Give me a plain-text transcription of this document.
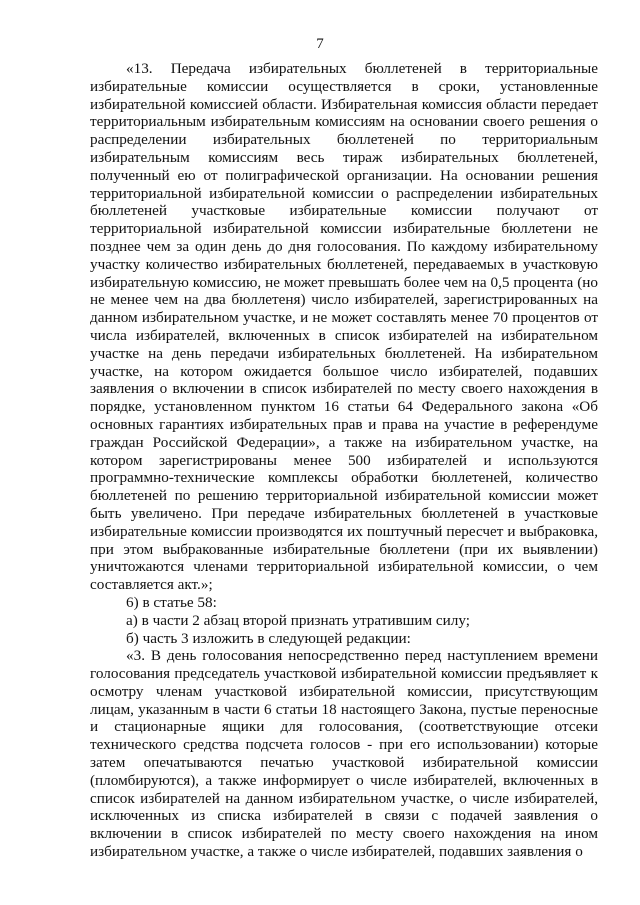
7

«13. Передача избирательных бюллетеней в территориальные избирательные комиссии осуществляется в сроки, установленные избирательной комиссией области. Избирательная комиссия области передает территориальным избирательным комиссиям на основании своего решения о распределении избирательных бюллетеней по территориальным избирательным комиссиям весь тираж избирательных бюллетеней, полученный ею от полиграфической организации. На основании решения территориальной избирательной комиссии о распределении избирательных бюллетеней участковые избирательные комиссии получают от территориальной избирательной комиссии избирательные бюллетени не позднее чем за один день до дня голосования. По каждому избирательному участку количество избирательных бюллетеней, передаваемых в участковую избирательную комиссию, не может превышать более чем на 0,5 процента (но не менее чем на два бюллетеня) число избирателей, зарегистрированных на данном избирательном участке, и не может составлять менее 70 процентов от числа избирателей, включенных в список избирателей на избирательном участке на день передачи избирательных бюллетеней. На избирательном участке, на котором ожидается большое число избирателей, подавших заявления о включении в список избирателей по месту своего нахождения в порядке, установленном пунктом 16 статьи 64 Федерального закона «Об основных гарантиях избирательных прав и права на участие в референдуме граждан Российской Федерации», а также на избирательном участке, на котором зарегистрированы менее 500 избирателей и используются программно-технические комплексы обработки бюллетеней, количество бюллетеней по решению территориальной избирательной комиссии может быть увеличено. При передаче избирательных бюллетеней в участковые избирательные комиссии производятся их поштучный пересчет и выбраковка, при этом выбракованные избирательные бюллетени (при их выявлении) уничтожаются членами территориальной избирательной комиссии, о чем составляется акт.»;

6) в статье 58:

а) в части 2 абзац второй признать утратившим силу;

б) часть 3 изложить в следующей редакции:

«3. В день голосования непосредственно перед наступлением времени голосования председатель участковой избирательной комиссии предъявляет к осмотру членам участковой избирательной комиссии, присутствующим лицам, указанным в части 6 статьи 18 настоящего Закона, пустые переносные и стационарные ящики для голосования, (соответствующие отсеки технического средства подсчета голосов - при его использовании) которые затем опечатываются печатью участковой избирательной комиссии (пломбируются), а также информирует о числе избирателей, включенных в список избирателей на данном избирательном участке, о числе избирателей, исключенных из списка избирателей в связи с подачей заявления о включении в список избирателей по месту своего нахождения на ином избирательном участке, а также о числе избирателей, подавших заявления о
